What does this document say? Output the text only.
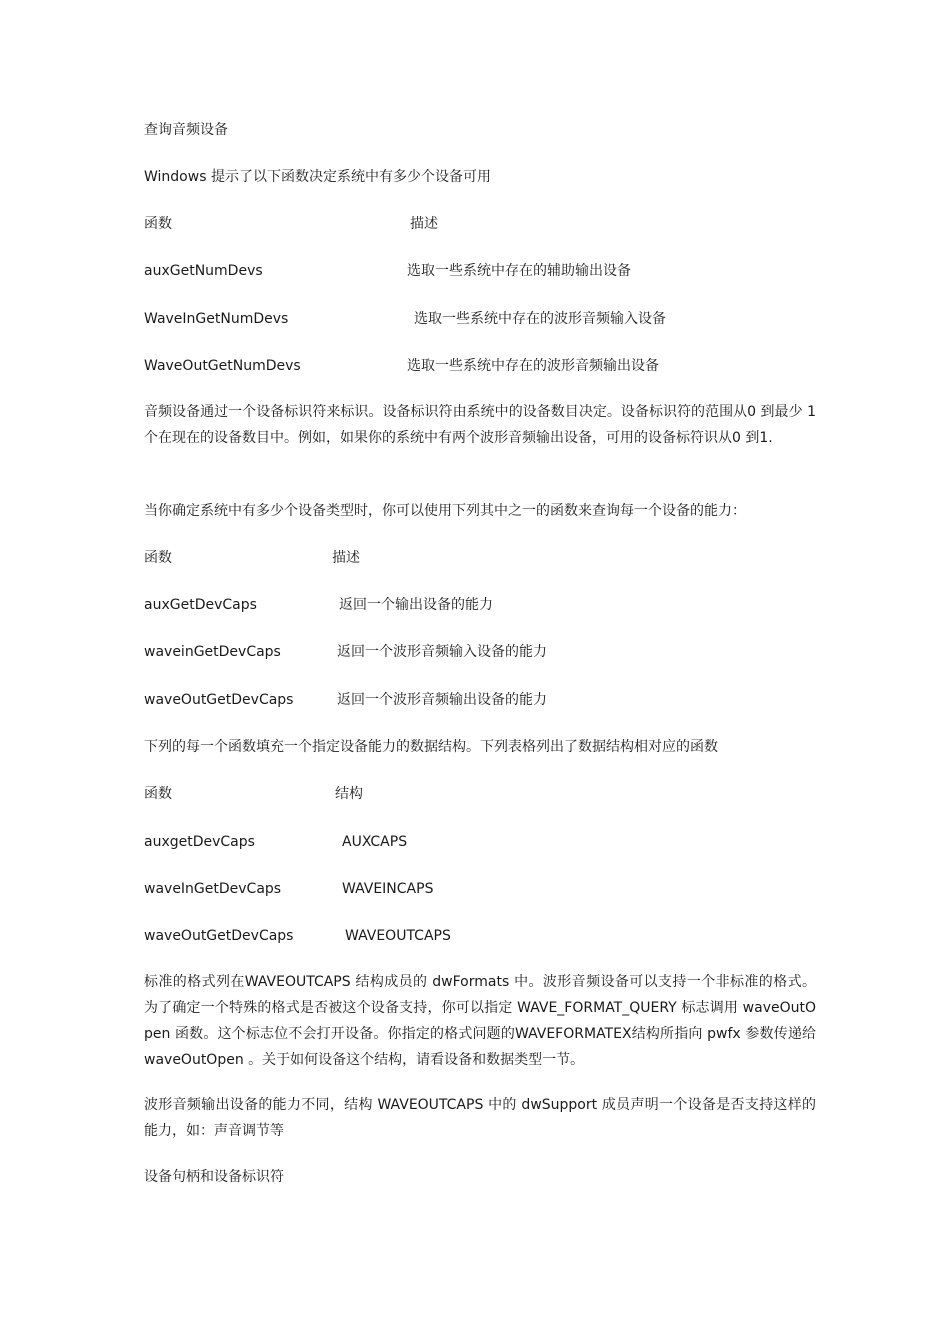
查询音频设备
Windows 提示了以下函数决定系统中有多少个设备可用
函数	描述
auxGetNumDevs	选取一些系统中存在的辅助输出设备
WaveInGetNumDevs	选取一些系统中存在的波形音频输入设备
WaveOutGetNumDevs	选取一些系统中存在的波形音频输出设备
音频设备通过一个设备标识符来标识。设备标识符由系统中的设备数目决定。设备标识符的范围从0 到最少 1 个在现在的设备数目中。例如，如果你的系统中有两个波形音频输出设备，可用的设备标符识从0 到1.
当你确定系统中有多少个设备类型时，你可以使用下列其中之一的函数来查询每一个设备的能力：
函数	描述
auxGetDevCaps	返回一个输出设备的能力
waveinGetDevCaps	返回一个波形音频输入设备的能力
waveOutGetDevCaps	返回一个波形音频输出设备的能力
下列的每一个函数填充一个指定设备能力的数据结构。下列表格列出了数据结构相对应的函数
函数	结构
auxgetDevCaps	AUXCAPS
waveInGetDevCaps	WAVEINCAPS
waveOutGetDevCaps	WAVEOUTCAPS
标准的格式列在WAVEOUTCAPS 结构成员的 dwFormats 中。波形音频设备可以支持一个非标准的格式。为了确定一个特殊的格式是否被这个设备支持，你可以指定 WAVE_FORMAT_QUERY 标志调用 waveOutOpen 函数。这个标志位不会打开设备。你指定的格式问题的WAVEFORMATEX结构所指向 pwfx 参数传递给 waveOutOpen 。关于如何设备这个结构，请看设备和数据类型一节。
波形音频输出设备的能力不同，结构 WAVEOUTCAPS 中的 dwSupport 成员声明一个设备是否支持这样的能力，如：声音调节等
设备句柄和设备标识符
